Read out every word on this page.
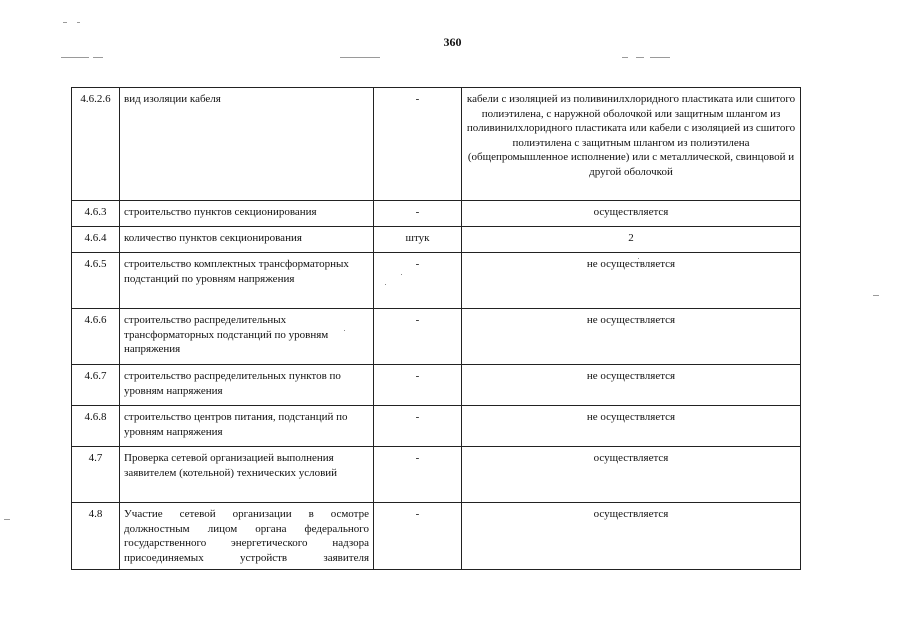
360
4.6.2.6	вид изоляции кабеля	-	кабели с изоляцией из поливинилхлоридного пластиката или сшитого полиэтилена, с наружной оболочкой или защитным шлангом из поливинилхлоридного пластиката или кабели с изоляцией из сшитого полиэтилена с защитным шлангом из полиэтилена (общепромышленное исполнение) или с металлической, свинцовой и другой оболочкой
4.6.3	строительство пунктов секционирования	-	осуществляется
4.6.4	количество пунктов секционирования	штук	2
4.6.5	строительство комплектных трансформаторных подстанций по уровням напряжения	-	не осуществляется
4.6.6	строительство распределительных трансформаторных подстанций по уровням напряжения	-	не осуществляется
4.6.7	строительство распределительных пунктов по уровням напряжения	-	не осуществляется
4.6.8	строительство центров питания, подстанций по уровням напряжения	-	не осуществляется
4.7	Проверка сетевой организацией выполнения заявителем (котельной) технических условий	-	осуществляется
4.8	Участие сетевой организации в осмотре должностным лицом органа федерального государственного энергетического надзора присоединяемых устройств заявителя	-	осуществляется
